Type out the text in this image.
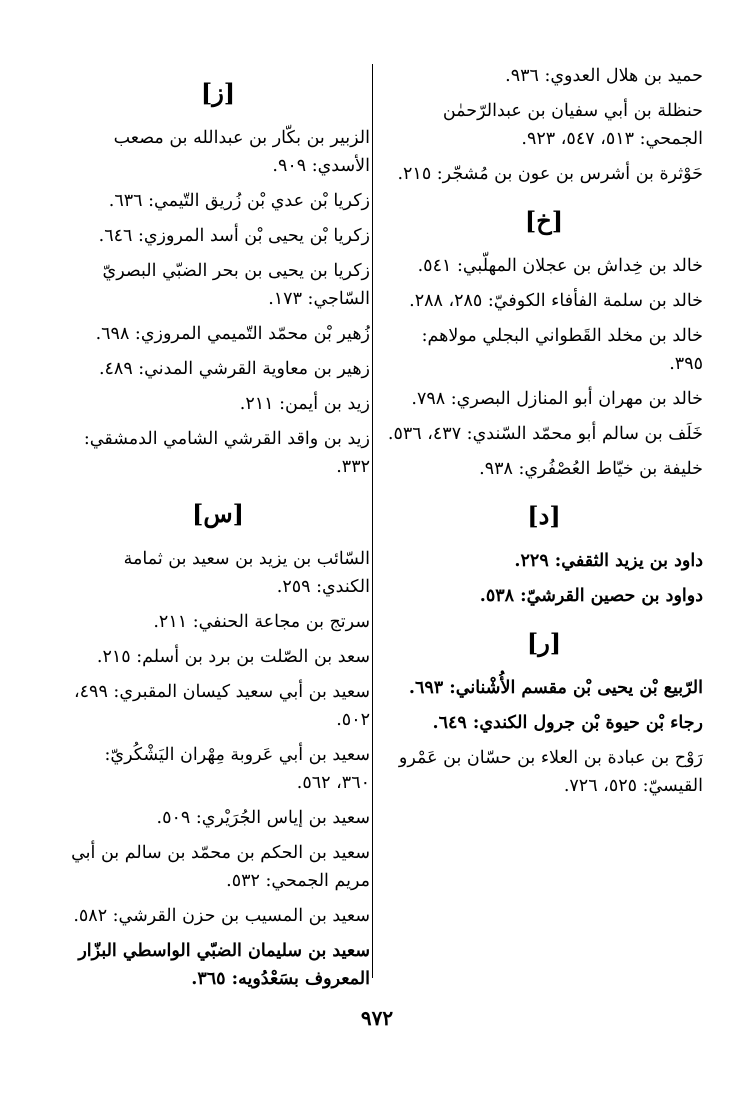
حميد بن هلال العدوي: ٩٣٦.
حنظلة بن أبي سفيان بن عبدالرّحمٰن الجمحي: ٥١٣، ٥٤٧، ٩٢٣.
حَوْثرة بن أشرس بن عون بن مُشجّر: ٢١٥.
[خ]
خالد بن خِداش بن عجلان المهلّبي: ٥٤١.
خالد بن سلمة الفأفاء الكوفيّ: ٢٨٥، ٢٨٨.
خالد بن مخلد القَطواني البجلي مولاهم: ٣٩٥.
خالد بن مهران أبو المنازل البصري: ٧٩٨.
خَلَف بن سالم أبو محمّد السّندي: ٤٣٧، ٥٣٦.
خليفة بن خيّاط العُصْفُري: ٩٣٨.
[د]
داود بن يزيد الثقفي: ٢٢٩.
دواود بن حصين القرشيّ: ٥٣٨.
[ر]
الرّبيع بْن يحيى بْن مقسم الأُشْناني: ٦٩٣.
رجاء بْن حيوة بْن جرول الكندي: ٦٤٩.
رَوْح بن عبادة بن العلاء بن حسّان بن عَمْرو القيسيّ: ٥٢٥، ٧٢٦.
[ز]
الزبير بن بكّار بن عبدالله بن مصعب الأسدي: ٩٠٩.
زكريا بْن عدي بْن زُريق التّيمي: ٦٣٦.
زكريا بْن يحيى بْن أسد المروزي: ٦٤٦.
زكريا بن يحيى بن بحر الضبّي البصريّ السّاجي: ١٧٣.
زُهير بْن محمّد التّميمي المروزي: ٦٩٨.
زهير بن معاوية القرشي المدني: ٤٨٩.
زيد بن أيمن: ٢١١.
زيد بن واقد القرشي الشامي الدمشقي: ٣٣٢.
[س]
السّائب بن يزيد بن سعيد بن ثمامة الكندي: ٢٥٩.
سرتج بن مجاعة الحنفي: ٢١١.
سعد بن الصّلت بن برد بن أسلم: ٢١٥.
سعيد بن أبي سعيد كيسان المقبري: ٤٩٩، ٥٠٢.
سعيد بن أبي عَروبة مِهْران اليَشْكُريّ: ٣٦٠، ٥٦٢.
سعيد بن إياس الجُرَيْري: ٥٠٩.
سعيد بن الحكم بن محمّد بن سالم بن أبي مريم الجمحي: ٥٣٢.
سعيد بن المسيب بن حزن القرشي: ٥٨٢.
سعيد بن سليمان الضبّي الواسطي البزّار المعروف بسَعْدُويه: ٣٦٥.
٩٧٢
